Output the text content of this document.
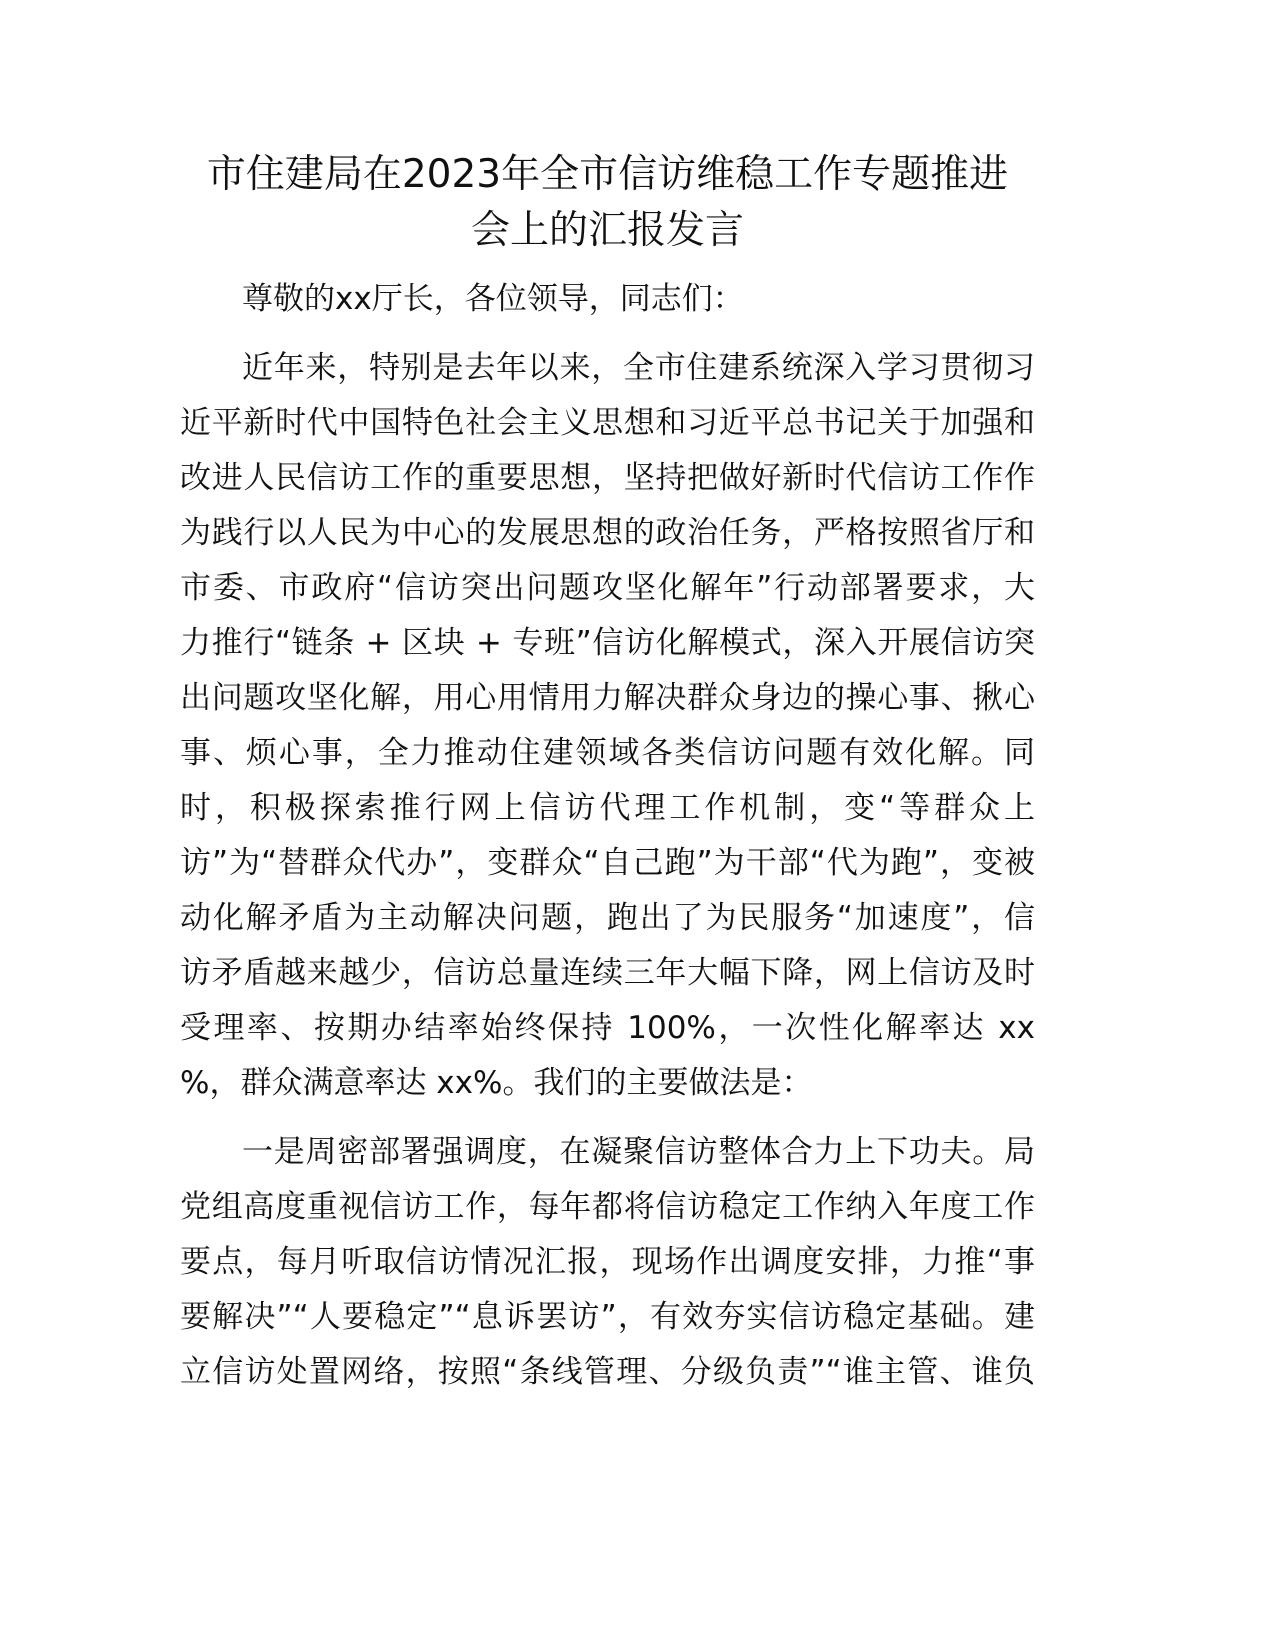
市住建局在2023年全市信访维稳工作专题推进
会上的汇报发言
尊敬的xx厅长，各位领导，同志们：
近年来，特别是去年以来，全市住建系统深入学习贯彻习
近平新时代中国特色社会主义思想和习近平总书记关于加强和
改进人民信访工作的重要思想，坚持把做好新时代信访工作作
为践行以人民为中心的发展思想的政治任务，严格按照省厅和
市委、市政府“信访突出问题攻坚化解年”行动部署要求，大
力推行“链条 + 区块 + 专班”信访化解模式，深入开展信访突
出问题攻坚化解，用心用情用力解决群众身边的操心事、揪心
事、烦心事，全力推动住建领域各类信访问题有效化解。同
时，积极探索推行网上信访代理工作机制，变“等群众上
访”为“替群众代办”，变群众“自己跑”为干部“代为跑”，变被
动化解矛盾为主动解决问题，跑出了为民服务“加速度”，信
访矛盾越来越少，信访总量连续三年大幅下降，网上信访及时
受理率、按期办结率始终保持 100%，一次性化解率达 xx
%，群众满意率达 xx%。我们的主要做法是：
一是周密部署强调度，在凝聚信访整体合力上下功夫。局
党组高度重视信访工作，每年都将信访稳定工作纳入年度工作
要点，每月听取信访情况汇报，现场作出调度安排，力推“事
要解决”“人要稳定”“息诉罢访”，有效夯实信访稳定基础。建
立信访处置网络，按照“条线管理、分级负责”“谁主管、谁负
